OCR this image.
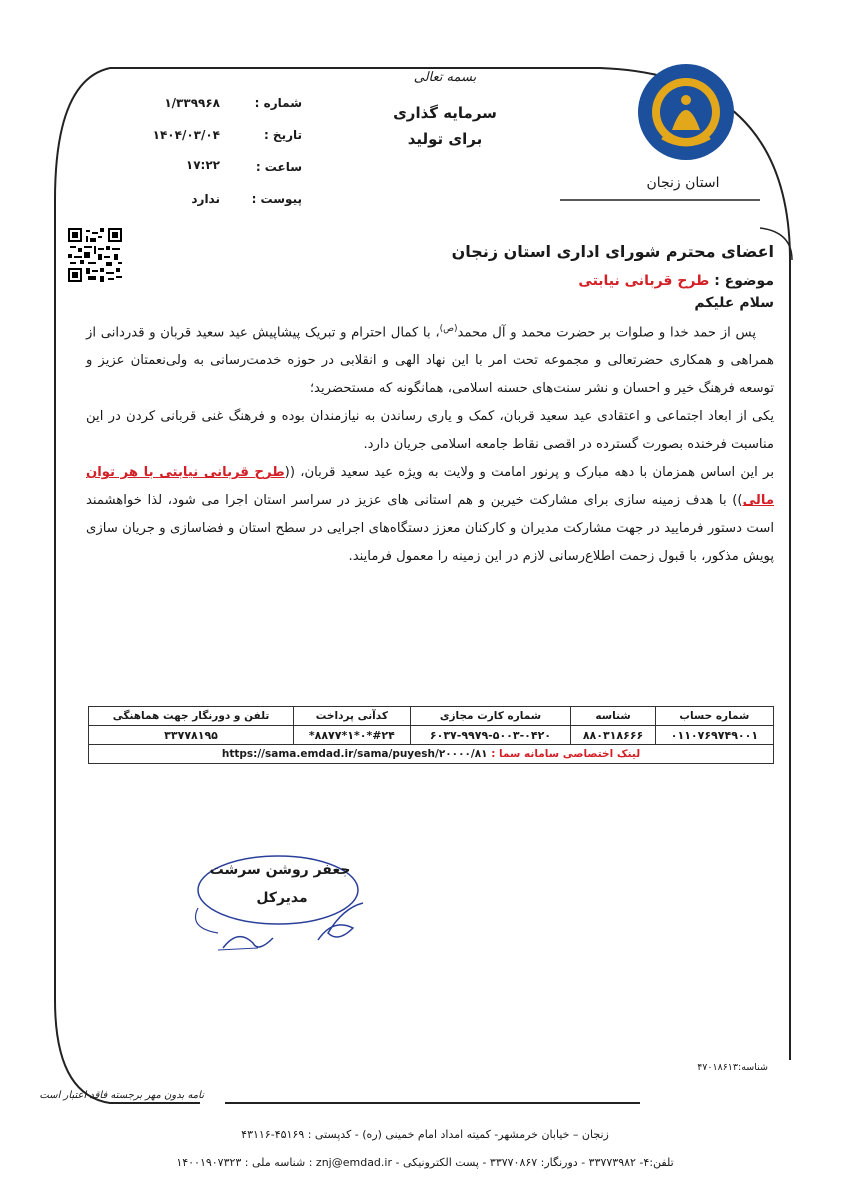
استان زنجان
بسمه تعالی
سرمایه گذاری
برای تولید
شماره :
۱/۳۳۹۹۶۸
تاریخ :
۱۴۰۴/۰۳/۰۴
ساعت :
۱۷:۲۲
پیوست :
ندارد
اعضای محترم شورای اداری استان زنجان
موضوع : طرح قربانی نیابتی
سلام علیکم

پس از حمد خدا و صلوات بر حضرت محمد و آل محمد$^{(ص)}$، با کمال احترام و تبریک پیشاپیش عید سعید قربان و قدردانی از همراهی و همکاری حضرتعالی و مجموعه تحت امر با این نهاد الهی و انقلابی در حوزه خدمت‌رسانی به ولی‌نعمتان عزیز و توسعه فرهنگ خیر و احسان و نشر سنت‌های حسنه اسلامی، همانگونه که مستحضرید؛

یکی از ابعاد اجتماعی و اعتقادی عید سعید قربان، کمک و یاری رساندن به نیازمندان بوده و فرهنگ غنی قربانی کردن در این مناسبت فرخنده بصورت گسترده در اقصی نقاط جامعه اسلامی جریان دارد.

بر این اساس همزمان با دهه مبارک و پرنور امامت و ولایت به ویژه عید سعید قربان، ((طرح قربانی نیابتی با هر توان مالی)) با هدف زمینه سازی برای مشارکت خیرین و هم استانی های عزیز در سراسر استان اجرا می شود، لذا خواهشمند است دستور فرمایید در جهت مشارکت مدیران و کارکنان معزز دستگاه‌های اجرایی در سطح استان و فضاسازی و جریان سازی پویش مذکور، با قبول زحمت اطلاع‌رسانی لازم در این زمینه را معمول فرمایند.

شماره حساب	شناسه	شماره کارت مجازی	کدآنی پرداخت	تلفن و دورنگار جهت هماهنگی
۰۱۱۰۷۶۹۷۴۹۰۰۱	۸۸۰۳۱۸۶۶۶	۶۰۳۷-۹۹۷۹-۵۰۰۳-۰۴۲۰	#۲۴*۰*۱*۸۸۷۷*	۳۳۷۷۸۱۹۵
لینک اختصاصی سامانه سما : https://sama.emdad.ir/sama/puyesh/۲۰۰۰۰/۸۱				
جعفر روشن سرشت
مدیرکل
شناسه:۴۷۰۱۸۶۱۳
نامه بدون مهر برجسته فاقد اعتبار است
زنجان – خیابان خرمشهر- کمیته امداد امام خمینی (ره) - کدپستی : ۴۵۱۶۹-۴۳۱۱۶
تلفن:۴- ۳۳۷۷۳۹۸۲ - دورنگار: ۳۳۷۷۰۸۶۷ - پست الکترونیکی - znj@emdad.ir : شناسه ملی : ۱۴۰۰۱۹۰۷۳۲۳
